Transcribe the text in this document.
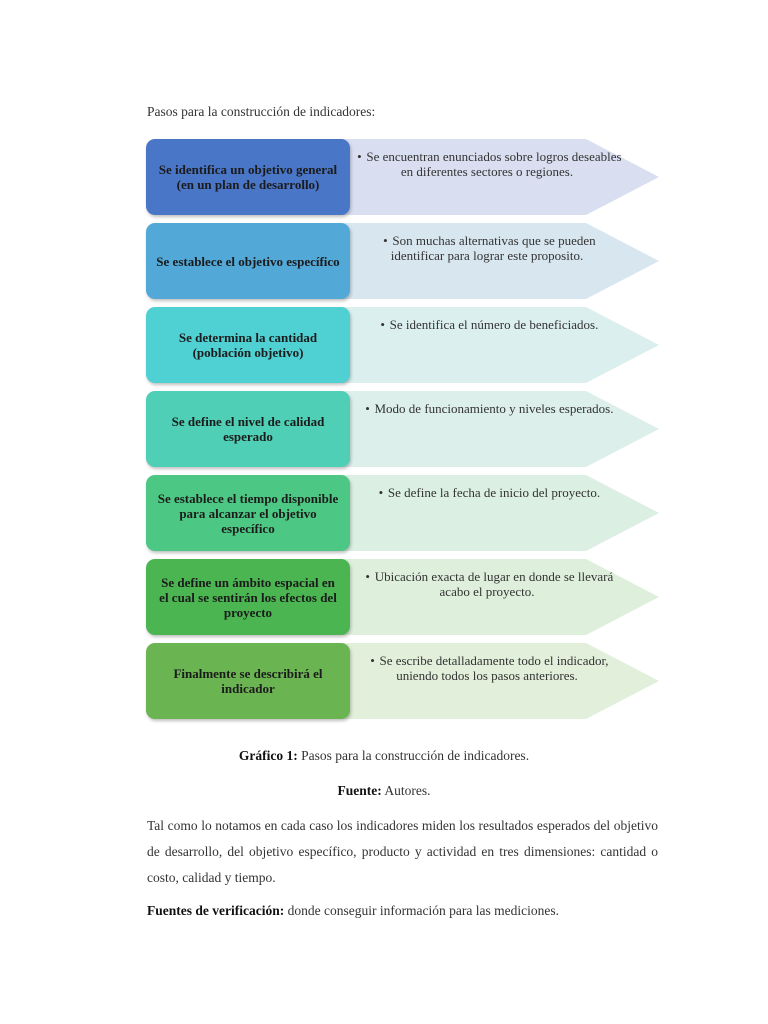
Pasos para la construcción de indicadores:
Se identifica un objetivo general (en un plan de desarrollo)
• Se encuentran enunciados sobre logros deseables en diferentes sectores o regiones.
Se establece el objetivo específico
• Son muchas alternativas que se pueden identificar para lograr este proposito.
Se determina la cantidad (población objetivo)
• Se identifica el número de beneficiados.
Se define el nivel de calidad esperado
• Modo de funcionamiento y niveles esperados.
Se establece el tiempo disponible para alcanzar el objetivo específico
• Se define la fecha de inicio del proyecto.
Se define un ámbito espacial en el cual se sentirán los efectos del proyecto
• Ubicación exacta de lugar en donde se llevará acabo el proyecto.
Finalmente se describirá el indicador
• Se escribe detalladamente todo el indicador, uniendo todos los pasos anteriores.
Gráfico 1: Pasos para la construcción de indicadores.
Fuente: Autores.
Tal como lo notamos en cada caso los indicadores miden los resultados esperados del objetivo de desarrollo, del objetivo específico, producto y actividad en tres dimensiones: cantidad o costo, calidad y tiempo.
Fuentes de verificación: donde conseguir información para las mediciones.
